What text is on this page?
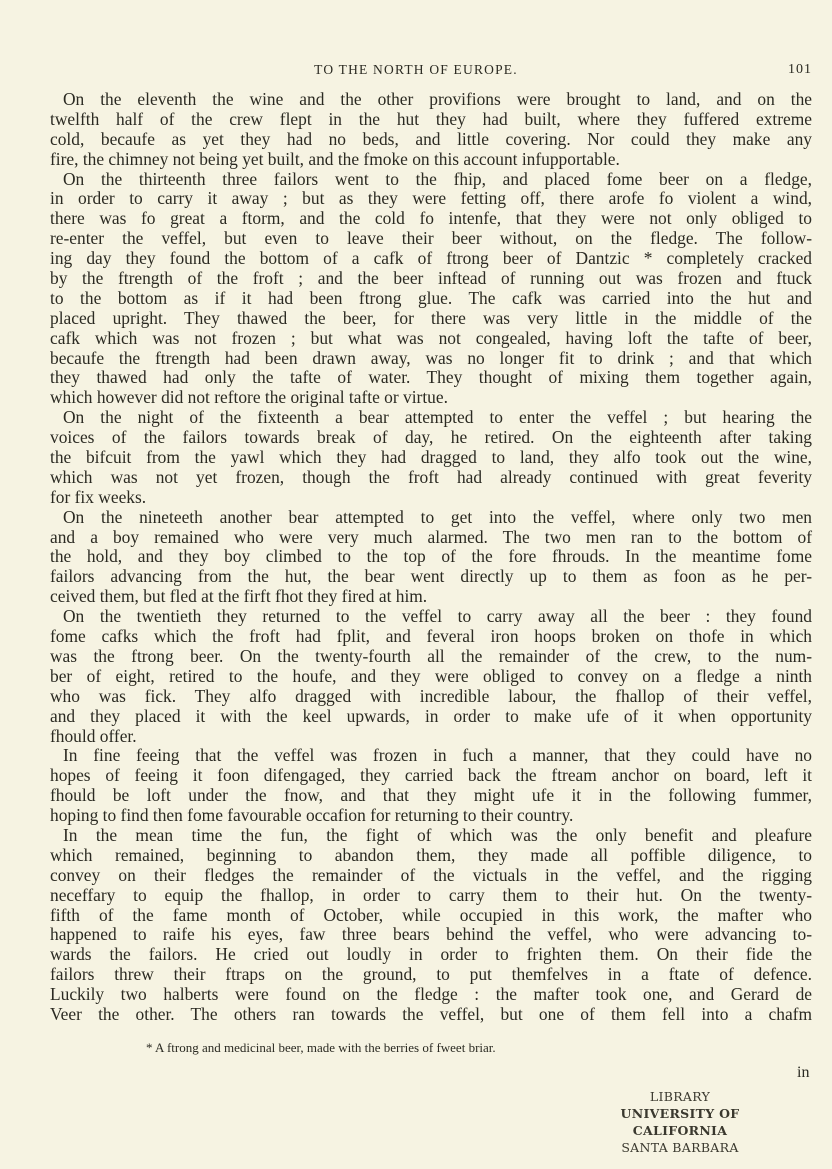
TO THE NORTH OF EUROPE.	101
On the eleventh the wine and the other provifions were brought to land, and on the
twelfth half of the crew flept in the hut they had built, where they fuffered extreme
cold, becaufe as yet they had no beds, and little covering. Nor could they make any
fire, the chimney not being yet built, and the fmoke on this account infupportable.
On the thirteenth three failors went to the fhip, and placed fome beer on a fledge,
in order to carry it away ; but as they were fetting off, there arofe fo violent a wind,
there was fo great a ftorm, and the cold fo intenfe, that they were not only obliged to
re-enter the veffel, but even to leave their beer without, on the fledge. The follow-
ing day they found the bottom of a cafk of ftrong beer of Dantzic * completely cracked
by the ftrength of the froft ; and the beer inftead of running out was frozen and ftuck
to the bottom as if it had been ftrong glue. The cafk was carried into the hut and
placed upright. They thawed the beer, for there was very little in the middle of the
cafk which was not frozen ; but what was not congealed, having loft the tafte of beer,
becaufe the ftrength had been drawn away, was no longer fit to drink ; and that which
they thawed had only the tafte of water. They thought of mixing them together again,
which however did not reftore the original tafte or virtue.
On the night of the fixteenth a bear attempted to enter the veffel ; but hearing the
voices of the failors towards break of day, he retired. On the eighteenth after taking
the bifcuit from the yawl which they had dragged to land, they alfo took out the wine,
which was not yet frozen, though the froft had already continued with great feverity
for fix weeks.
On the nineteeth another bear attempted to get into the veffel, where only two men
and a boy remained who were very much alarmed. The two men ran to the bottom of
the hold, and they boy climbed to the top of the fore fhrouds. In the meantime fome
failors advancing from the hut, the bear went directly up to them as foon as he per-
ceived them, but fled at the firft fhot they fired at him.
On the twentieth they returned to the veffel to carry away all the beer : they found
fome cafks which the froft had fplit, and feveral iron hoops broken on thofe in which
was the ftrong beer. On the twenty-fourth all the remainder of the crew, to the num-
ber of eight, retired to the houfe, and they were obliged to convey on a fledge a ninth
who was fick. They alfo dragged with incredible labour, the fhallop of their veffel,
and they placed it with the keel upwards, in order to make ufe of it when opportunity
fhould offer.
In fine feeing that the veffel was frozen in fuch a manner, that they could have no
hopes of feeing it foon difengaged, they carried back the ftream anchor on board, left it
fhould be loft under the fnow, and that they might ufe it in the following fummer,
hoping to find then fome favourable occafion for returning to their country.
In the mean time the fun, the fight of which was the only benefit and pleafure
which remained, beginning to abandon them, they made all poffible diligence, to
convey on their fledges the remainder of the victuals in the veffel, and the rigging
neceffary to equip the fhallop, in order to carry them to their hut. On the twenty-
fifth of the fame month of October, while occupied in this work, the mafter who
happened to raife his eyes, faw three bears behind the veffel, who were advancing to-
wards the failors. He cried out loudly in order to frighten them. On their fide the
failors threw their ftraps on the ground, to put themfelves in a ftate of defence.
Luckily two halberts were found on the fledge : the mafter took one, and Gerard de
Veer the other. The others ran towards the veffel, but one of them fell into a chafm
* A ftrong and medicinal beer, made with the berries of fweet briar.
in
LIBRARY
UNIVERSITY OF CALIFORNIA
SANTA BARBARA
